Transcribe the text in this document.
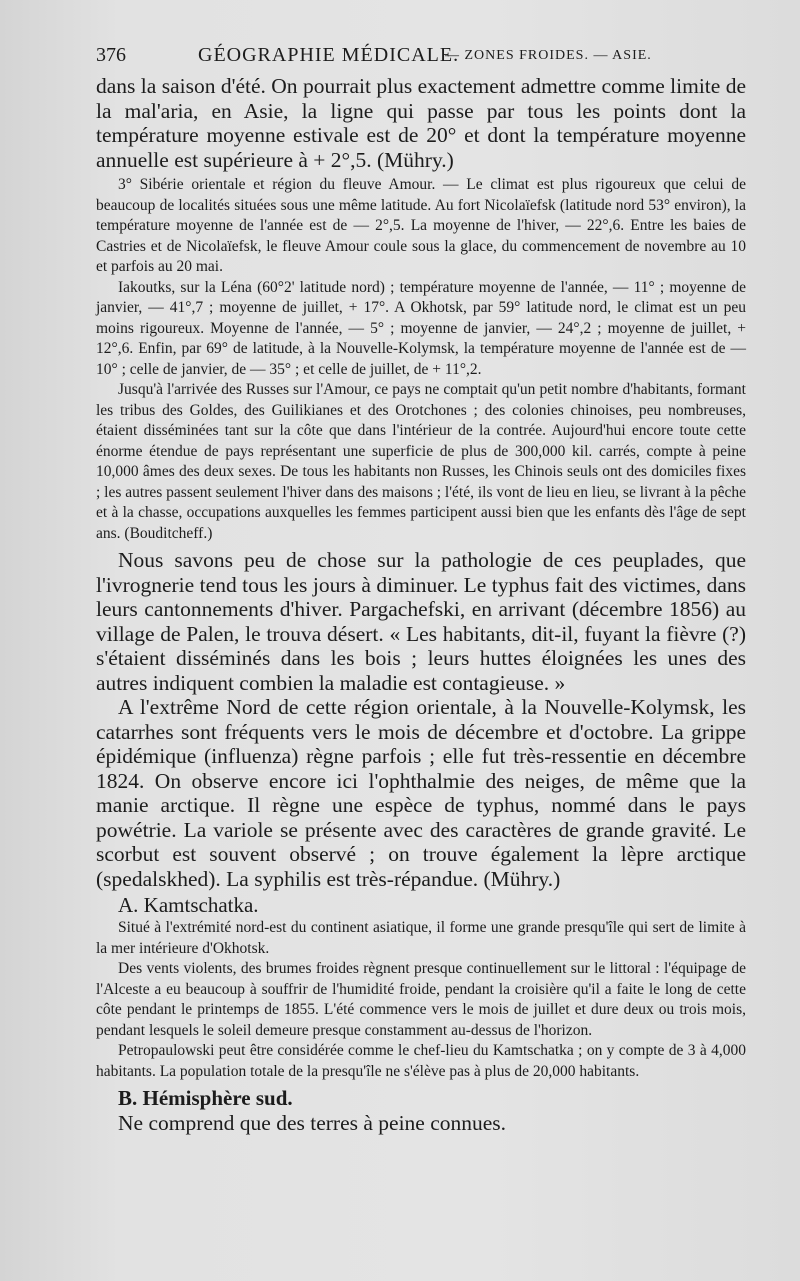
376	GÉOGRAPHIE MÉDICALE.
— ZONES FROIDES. — ASIE.

dans la saison d'été. On pourrait plus exactement admettre comme limite de la mal'aria, en Asie, la ligne qui passe par tous les points dont la température moyenne estivale est de 20° et dont la température moyenne annuelle est supérieure à + 2°,5. (Mühry.)

3° Sibérie orientale et région du fleuve Amour. — Le climat est plus rigoureux que celui de beaucoup de localités situées sous une même latitude. Au fort Nicolaïefsk (latitude nord 53° environ), la température moyenne de l'année est de — 2°,5. La moyenne de l'hiver, — 22°,6. Entre les baies de Castries et de Nicolaïefsk, le fleuve Amour coule sous la glace, du commencement de novembre au 10 et parfois au 20 mai.

Iakoutks, sur la Léna (60°2' latitude nord) ; température moyenne de l'année, — 11° ; moyenne de janvier, — 41°,7 ; moyenne de juillet, + 17°. A Okhotsk, par 59° latitude nord, le climat est un peu moins rigoureux. Moyenne de l'année, — 5° ; moyenne de janvier, — 24°,2 ; moyenne de juillet, + 12°,6. Enfin, par 69° de latitude, à la Nouvelle-Kolymsk, la température moyenne de l'année est de — 10° ; celle de janvier, de — 35° ; et celle de juillet, de + 11°,2.

Jusqu'à l'arrivée des Russes sur l'Amour, ce pays ne comptait qu'un petit nombre d'habitants, formant les tribus des Goldes, des Guilikianes et des Orotchones ; des colonies chinoises, peu nombreuses, étaient disséminées tant sur la côte que dans l'intérieur de la contrée. Aujourd'hui encore toute cette énorme étendue de pays représentant une superficie de plus de 300,000 kil. carrés, compte à peine 10,000 âmes des deux sexes. De tous les habitants non Russes, les Chinois seuls ont des domiciles fixes ; les autres passent seulement l'hiver dans des maisons ; l'été, ils vont de lieu en lieu, se livrant à la pêche et à la chasse, occupations auxquelles les femmes participent aussi bien que les enfants dès l'âge de sept ans. (Bouditcheff.)

Nous savons peu de chose sur la pathologie de ces peuplades, que l'ivrognerie tend tous les jours à diminuer. Le typhus fait des victimes, dans leurs cantonnements d'hiver. Pargachefski, en arrivant (décembre 1856) au village de Palen, le trouva désert. « Les habitants, dit-il, fuyant la fièvre (?) s'étaient disséminés dans les bois ; leurs huttes éloignées les unes des autres indiquent combien la maladie est contagieuse. »

A l'extrême Nord de cette région orientale, à la Nouvelle-Kolymsk, les catarrhes sont fréquents vers le mois de décembre et d'octobre. La grippe épidémique (influenza) règne parfois ; elle fut très-ressentie en décembre 1824. On observe encore ici l'ophthalmie des neiges, de même que la manie arctique. Il règne une espèce de typhus, nommé dans le pays powétrie. La variole se présente avec des caractères de grande gravité. Le scorbut est souvent observé ; on trouve également la lèpre arctique (spedalskhed). La syphilis est très-répandue. (Mühry.)

A. Kamtschatka.

Situé à l'extrémité nord-est du continent asiatique, il forme une grande presqu'île qui sert de limite à la mer intérieure d'Okhotsk.

Des vents violents, des brumes froides règnent presque continuellement sur le littoral : l'équipage de l'Alceste a eu beaucoup à souffrir de l'humidité froide, pendant la croisière qu'il a faite le long de cette côte pendant le printemps de 1855. L'été commence vers le mois de juillet et dure deux ou trois mois, pendant lesquels le soleil demeure presque constamment au-dessus de l'horizon.

Petropaulowski peut être considérée comme le chef-lieu du Kamtschatka ; on y compte de 3 à 4,000 habitants. La population totale de la presqu'île ne s'élève pas à plus de 20,000 habitants.

B. Hémisphère sud.

Ne comprend que des terres à peine connues.
